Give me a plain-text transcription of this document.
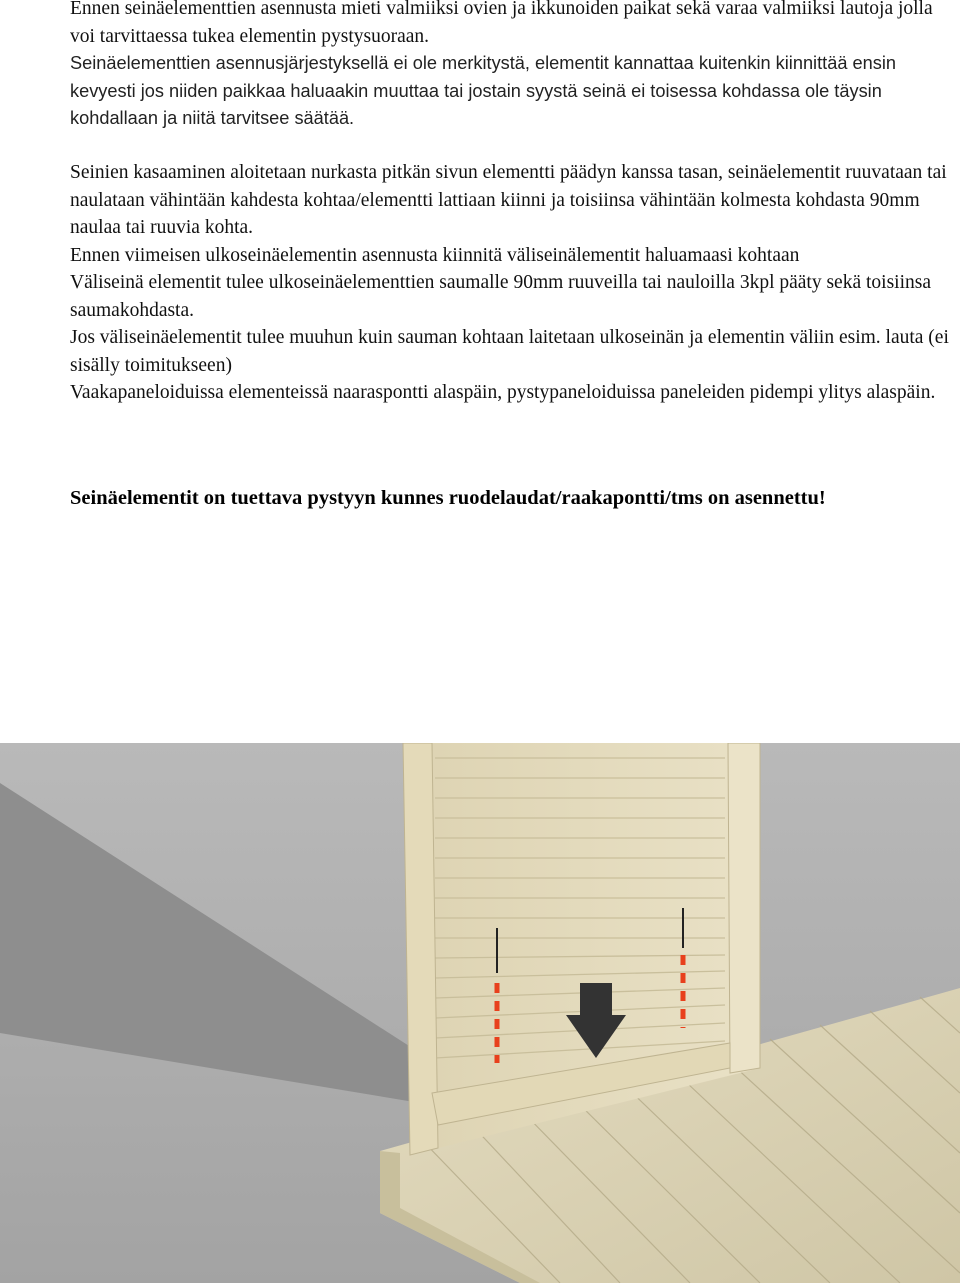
Ennen seinäelementtien asennusta mieti valmiiksi ovien ja ikkunoiden paikat sekä varaa valmiiksi lautoja jolla voi tarvittaessa tukea elementin pystysuoraan.

Seinäelementtien asennusjärjestyksellä ei ole merkitystä, elementit kannattaa kuitenkin kiinnittää ensin kevyesti jos niiden paikkaa haluaakin muuttaa tai jostain syystä seinä ei toisessa kohdassa ole täysin kohdallaan ja niitä tarvitsee säätää.

Seinien kasaaminen aloitetaan nurkasta pitkän sivun elementti päädyn kanssa tasan, seinäelementit ruuvataan tai naulataan vähintään kahdesta kohtaa/elementti lattiaan kiinni ja toisiinsa vähintään kolmesta kohdasta 90mm naulaa tai ruuvia kohta.

Ennen viimeisen ulkoseinäelementin asennusta kiinnitä väliseinälementit haluamaasi kohtaan

Väliseinä elementit tulee ulkoseinäelementtien saumalle 90mm ruuveilla tai nauloilla 3kpl pääty sekä toisiinsa saumakohdasta.

Jos väliseinäelementit tulee muuhun kuin sauman kohtaan laitetaan ulkoseinän ja elementin väliin esim. lauta (ei sisälly toimitukseen)

Vaakapaneloiduissa elementeissä naaraspontti alaspäin, pystypaneloiduissa paneleiden pidempi ylitys alaspäin.

Seinäelementit on tuettava pystyyn kunnes ruodelaudat/raakapontti/tms on asennettu!
